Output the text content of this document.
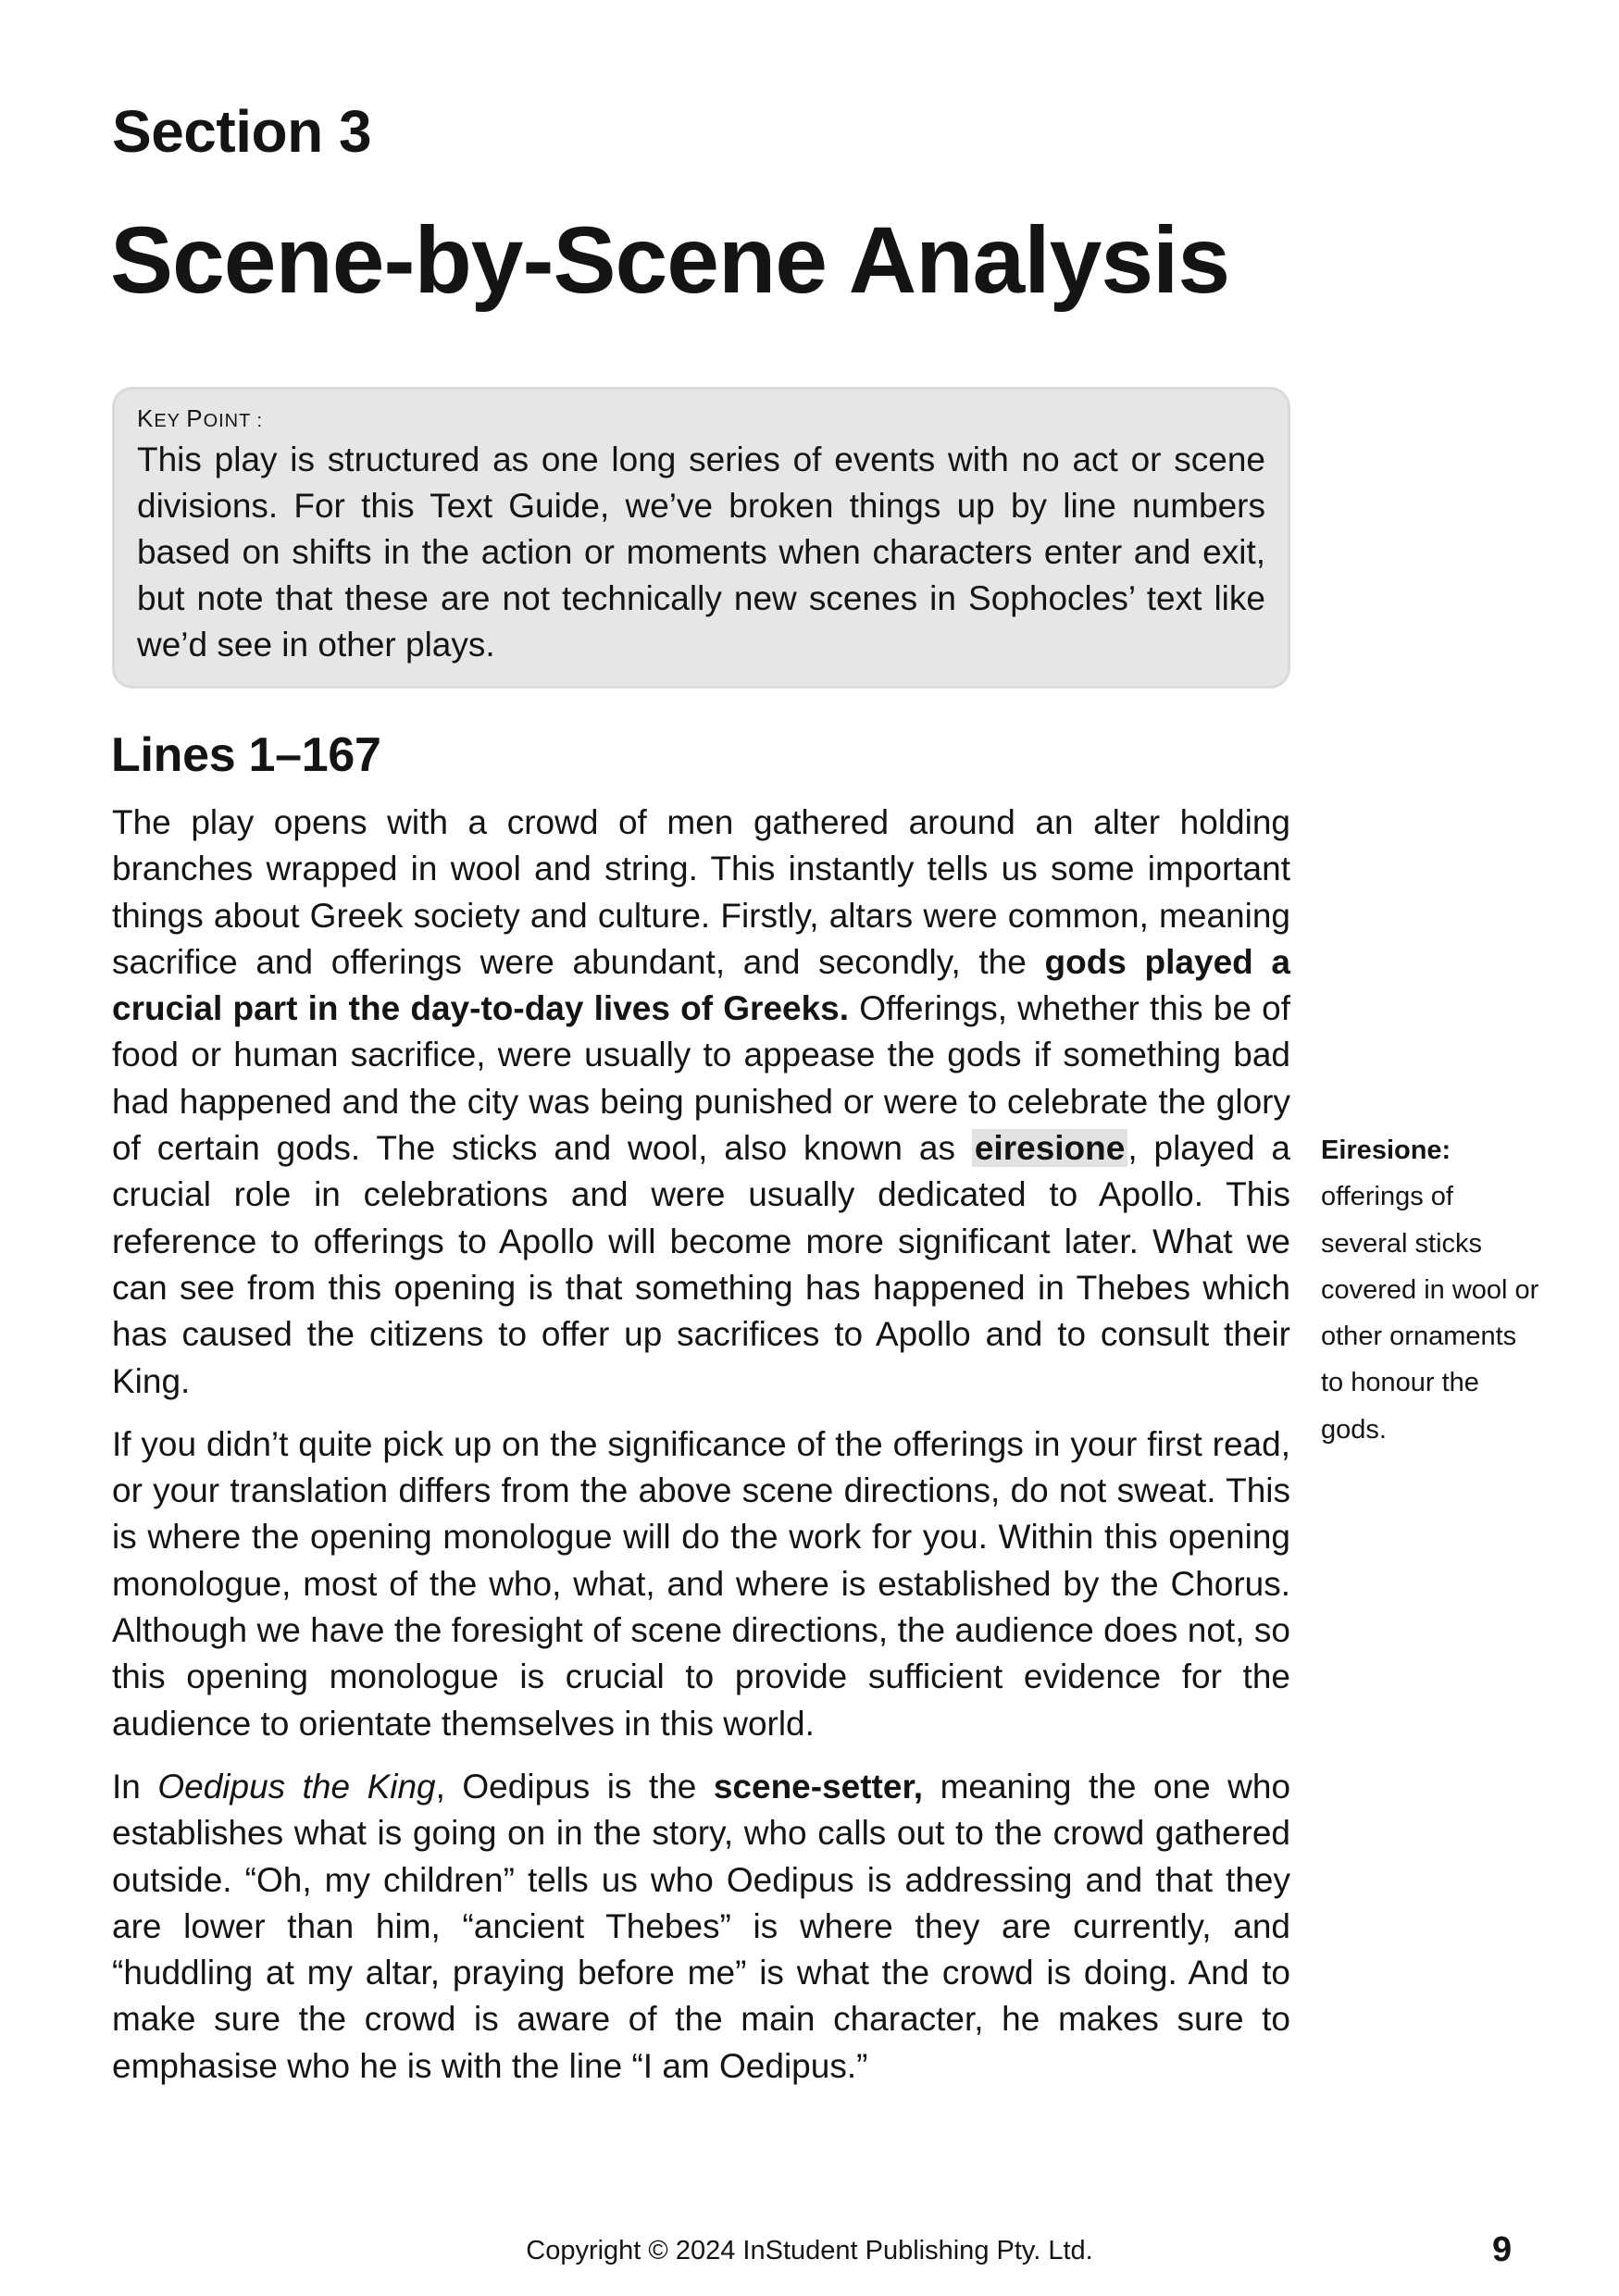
Section 3
Scene-by-Scene Analysis
KEY POINT :

This play is structured as one long series of events with no act or scene divisions. For this Text Guide, we’ve broken things up by line numbers based on shifts in the action or moments when characters enter and exit, but note that these are not technically new scenes in Sophocles’ text like we’d see in other plays.

Lines 1–167

The play opens with a crowd of men gathered around an alter holding branches wrapped in wool and string. This instantly tells us some important things about Greek society and culture. Firstly, altars were common, meaning sacrifice and offerings were abundant, and secondly, the gods played a crucial part in the day-to-day lives of Greeks. Offerings, whether this be of food or human sacrifice, were usually to appease the gods if something bad had happened and the city was being punished or were to celebrate the glory of certain gods. The sticks and wool, also known as eiresione, played a crucial role in celebrations and were usually dedicated to Apollo. This reference to offerings to Apollo will become more significant later. What we can see from this opening is that something has happened in Thebes which has caused the citizens to offer up sacrifices to Apollo and to consult their King.

If you didn’t quite pick up on the significance of the offerings in your first read, or your translation differs from the above scene directions, do not sweat. This is where the opening monologue will do the work for you. Within this opening monologue, most of the who, what, and where is established by the Chorus. Although we have the foresight of scene directions, the audience does not, so this opening monologue is crucial to provide sufficient evidence for the audience to orientate themselves in this world.

In Oedipus the King, Oedipus is the scene-setter, meaning the one who establishes what is going on in the story, who calls out to the crowd gathered outside. “Oh, my children” tells us who Oedipus is addressing and that they are lower than him, “ancient Thebes” is where they are currently, and “huddling at my altar, praying before me” is what the crowd is doing. And to make sure the crowd is aware of the main character, he makes sure to emphasise who he is with the line “I am Oedipus.”

Eiresione:
offerings of several sticks covered in wool or other ornaments to honour the gods.

Copyright © 2024 InStudent Publishing Pty. Ltd.	9
